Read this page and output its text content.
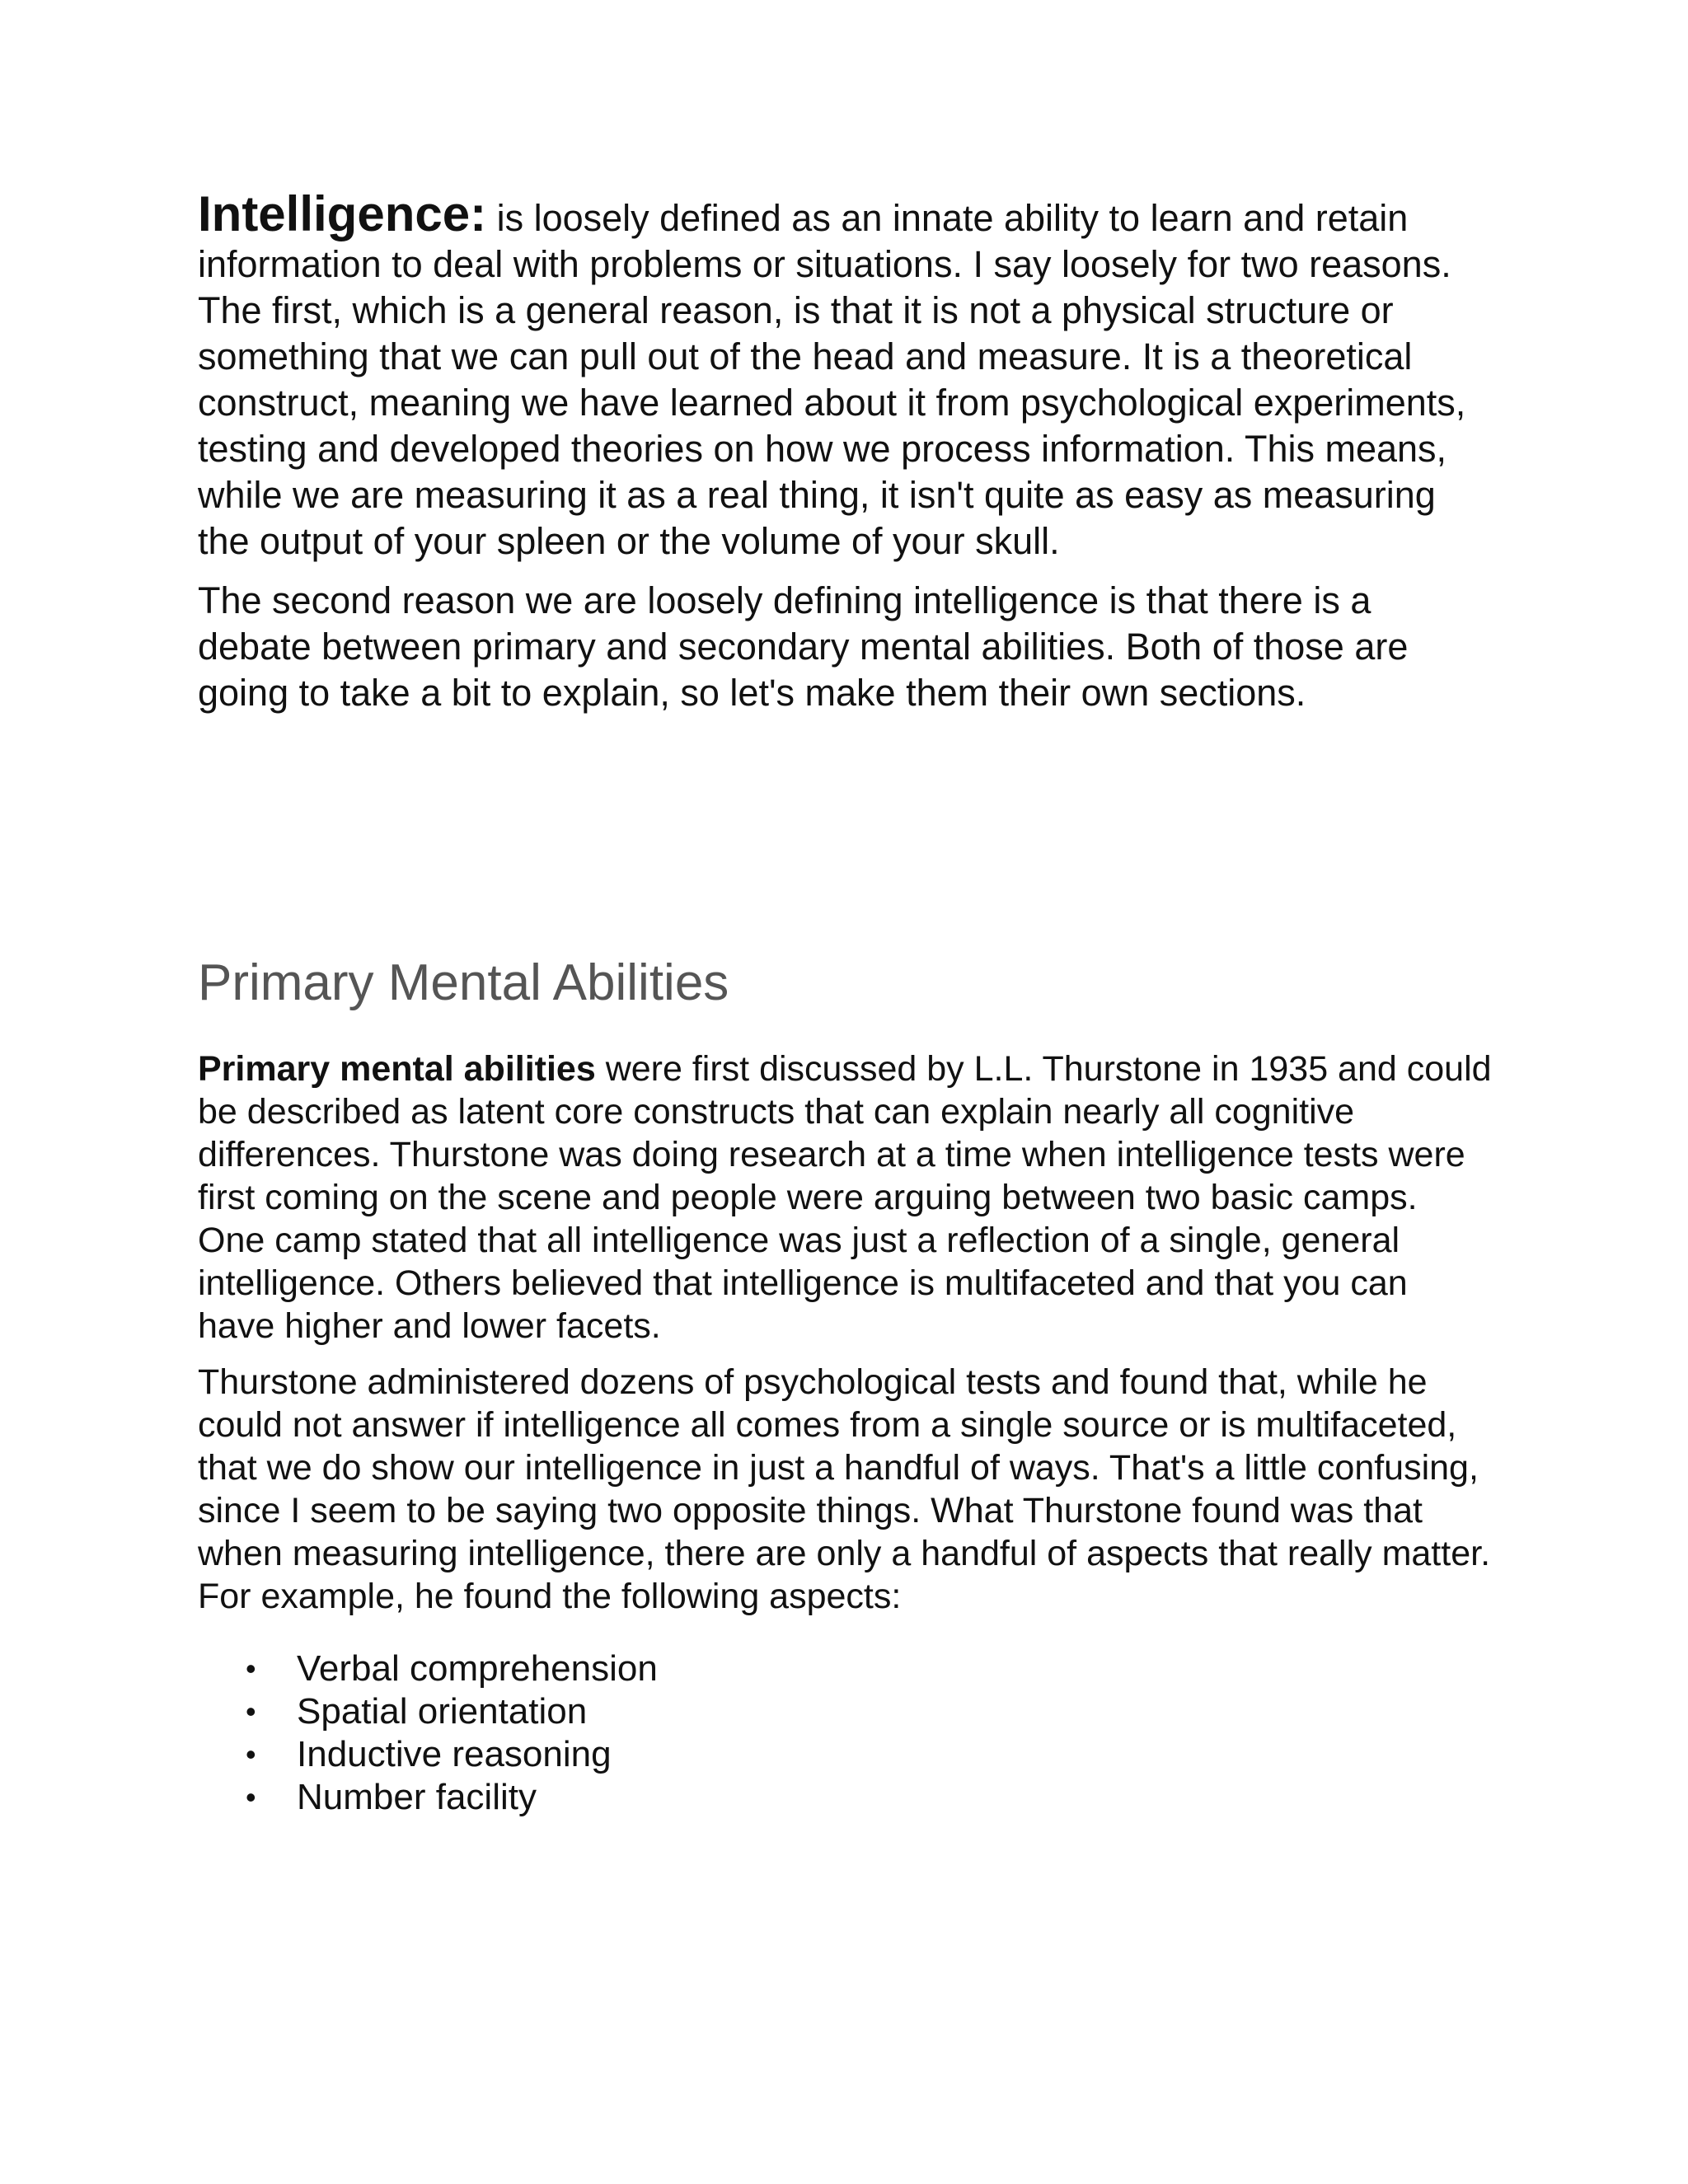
Intelligence: is loosely defined as an innate ability to learn and retain information to deal with problems or situations. I say loosely for two reasons. The first, which is a general reason, is that it is not a physical structure or something that we can pull out of the head and measure. It is a theoretical construct, meaning we have learned about it from psychological experiments, testing and developed theories on how we process information. This means, while we are measuring it as a real thing, it isn't quite as easy as measuring the output of your spleen or the volume of your skull.

The second reason we are loosely defining intelligence is that there is a debate between primary and secondary mental abilities. Both of those are going to take a bit to explain, so let's make them their own sections.

Primary Mental Abilities

Primary mental abilities were first discussed by L.L. Thurstone in 1935 and could be described as latent core constructs that can explain nearly all cognitive differences. Thurstone was doing research at a time when intelligence tests were first coming on the scene and people were arguing between two basic camps. One camp stated that all intelligence was just a reflection of a single, general intelligence. Others believed that intelligence is multifaceted and that you can have higher and lower facets.

Thurstone administered dozens of psychological tests and found that, while he could not answer if intelligence all comes from a single source or is multifaceted, that we do show our intelligence in just a handful of ways. That's a little confusing, since I seem to be saying two opposite things. What Thurstone found was that when measuring intelligence, there are only a handful of aspects that really matter. For example, he found the following aspects:

• Verbal comprehension
• Spatial orientation
• Inductive reasoning
• Number facility
